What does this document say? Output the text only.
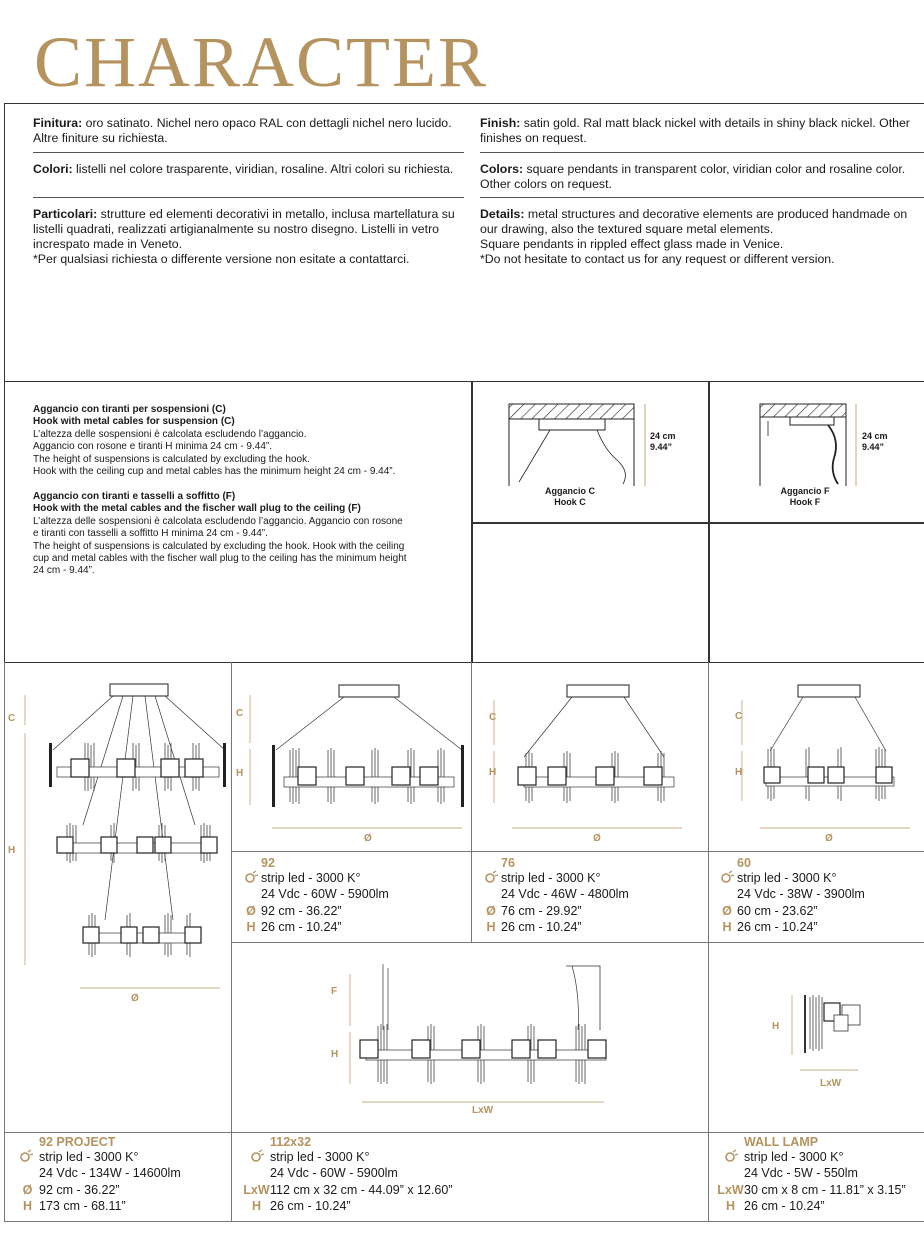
CHARACTER
Finitura: oro satinato. Nichel nero opaco RAL con dettagli nichel nero lucido. Altre finiture su richiesta.
Colori: listelli nel colore trasparente, viridian, rosaline. Altri colori su richiesta.
Particolari: strutture ed elementi decorativi in metallo, inclusa martellatura su listelli quadrati, realizzati artigianalmente su nostro disegno. Listelli in vetro increspato made in Veneto.
*Per qualsiasi richiesta o differente versione non esitate a contattarci.
Finish: satin gold. Ral matt black nickel with details in shiny black nickel. Other finishes on request.
Colors: square pendants in transparent color, viridian color and rosaline color. Other colors on request.
Details: metal structures and decorative elements are produced handmade on our drawing, also the textured square metal elements.
Square pendants in rippled effect glass made in Venice.
*Do not hesitate to contact us for any request or different version.
Aggancio con tiranti per sospensioni (C)
Hook with metal cables for suspension (C)
L’altezza delle sospensioni è calcolata escludendo l’aggancio.
Aggancio con rosone e tiranti H minima 24 cm - 9.44”.
The height of suspensions is calculated by excluding the hook.
Hook with the ceiling cup and metal cables has the minimum height 24 cm - 9.44”.
Aggancio con tiranti e tasselli a soffitto (F)
Hook with the metal cables and the fischer wall plug to the ceiling (F)
L’altezza delle sospensioni è calcolata escludendo l’aggancio. Aggancio con rosone
e tiranti con tasselli a soffitto H minima 24 cm - 9.44”.
The height of suspensions is calculated by excluding the hook. Hook with the ceiling
cup and metal cables with the fischer wall plug to the ceiling has the minimum height
24 cm - 9.44”.
24 cm
9.44”
Aggancio C
Hook C
24 cm
9.44”
Aggancio F
Hook F
C
H
Ø
C
H
Ø
C
H
Ø
C
H
Ø
F
H
LxW
H
LxW
92
strip led - 3000 K°
24 Vdc - 60W - 5900lm
Ø 92 cm - 36.22”
H 26 cm - 10.24”
76
strip led - 3000 K°
24 Vdc - 46W - 4800lm
Ø 76 cm - 29.92”
H 26 cm - 10.24”
60
strip led - 3000 K°
24 Vdc - 38W - 3900lm
Ø 60 cm - 23.62”
H 26 cm - 10.24”
92 PROJECT
strip led - 3000 K°
24 Vdc - 134W - 14600lm
Ø 92 cm - 36.22”
H 173 cm - 68.11”
112x32
strip led - 3000 K°
24 Vdc - 60W - 5900lm
LxW112 cm x 32 cm - 44.09” x 12.60”
H 26 cm - 10.24”
WALL LAMP
strip led - 3000 K°
24 Vdc - 5W - 550lm
LxW30 cm x 8 cm - 11.81” x 3.15”
H 26 cm - 10.24”
